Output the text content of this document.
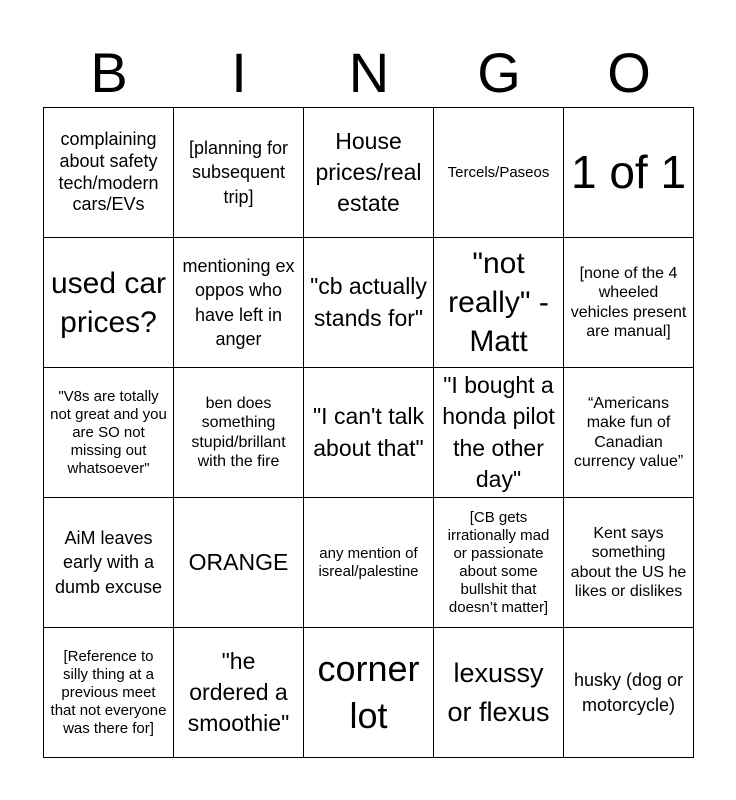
B	I	N	G	O
complaining about safety tech/modern cars/EVs
[planning for subsequent trip]
House prices/real estate
Tercels/Paseos 1 of 1
used car prices?
mentioning ex oppos who have left in anger
"cb actually stands for"
"not really" - Matt
[none of the 4 wheeled vehicles present are manual]
"V8s are totally not great and you are SO not missing out whatsoever"
ben does something stupid/brillant with the fire
"I can't talk about that"
"I bought a honda pilot the other day"
“Americans make fun of Canadian currency value”
AiM leaves early with a dumb excuse
ORANGE	any mention of isreal/palestine
[CB gets irrationally mad or passionate about some bullshit that doesn’t matter]
Kent says something about the US he likes or dislikes
[Reference to silly thing at a previous meet that not everyone was there for]
"he ordered a smoothie"
corner lot
lexussy or flexus
husky (dog or motorcycle)
